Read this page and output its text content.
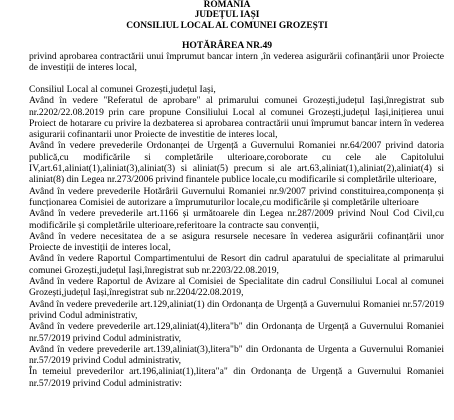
ROMANIA
JUDEȚUL IAȘI
CONSILIUL LOCAL AL COMUNEI GROZEȘTI
HOTĂRÂREA NR.49

privind aprobarea contractării unui împrumut bancar intern ,în vederea asigurării cofinanțării unor Proiecte de investiții de interes local,

Consiliul Local al comunei Grozești,județul Iași,
Având în vedere "Referatul de aprobare" al primarului comunei Grozești,județul Iași,înregistrat sub nr.2202/22.08.2019 prin care propune Consiliului Local al comunei Grozești,județul Iași,inițierea unui Proiect de hotarare cu privire la dezbaterea si aprobarea contractării unui împrumut bancar intern în vederea asigurarii cofinantarii unor Proiecte de investitie de interes local,
Având în vedere prevederile Ordonanței de Urgență a Guvernului Romaniei nr.64/2007 privind datoria publică,cu modificările si completările ulterioare,coroborate cu cele ale Capitolului IV,art.61,aliniat(1),aliniat(3),aliniat(3) si aliniat(5) precum si ale art.63,aliniat(1),aliniat(2),aliniat(4) si aliniat(8) din Legea nr.273/2006 privind finantele publice locale,cu modificarile si completările ulterioare,
Având în vedere prevederile Hotărârii Guvernului Romaniei nr.9/2007 privind constituirea,componența și funcționarea Comisiei de autorizare a împrumuturilor locale,cu modificările și completările ulterioare
Având în vedere prevederile art.1166 și următoarele din Legea nr.287/2009 privind Noul Cod Civil,cu modificările și completările ulterioare,referitoare la contracte sau convenții,
Având în vedere necesitatea de a se asigura resursele necesare în vederea asigurării cofinanțării unor Proiecte de investiții de interes local,
Având în vedere Raportul Compartimentului de Resort din cadrul aparatului de specialitate al primarului comunei Grozești,județul Iași,înregistrat sub nr.2203/22.08.2019,
Având în vedere Raportul de Avizare al Comisiei de Specialitate din cadrul Consiliului Local al comunei Grozești,județul Iași,înregistrat sub nr.2204/22.08.2019,
Având în vedere prevederile art.129,aliniat(1) din Ordonanța de Urgență a Guvernului Romaniei nr.57/2019 privind Codul administrativ,
Având în vedere prevederile art.129,aliniat(4),litera"b" din Ordonanța de Urgență a Guvernului Romaniei nr.57/2019 privind Codul administrativ,
Având în vedere prevederile art.139,aliniat(3),litera"b" din Ordonanta de Urgenta a Guvernului Romaniei nr.57/2019 privind Codul administrativ,
În temeiul prevederilor art.196,aliniat(1),litera"a" din Ordonanța de Urgență a Guvernului Romaniei nr.57/2019 privind Codul administrativ:
